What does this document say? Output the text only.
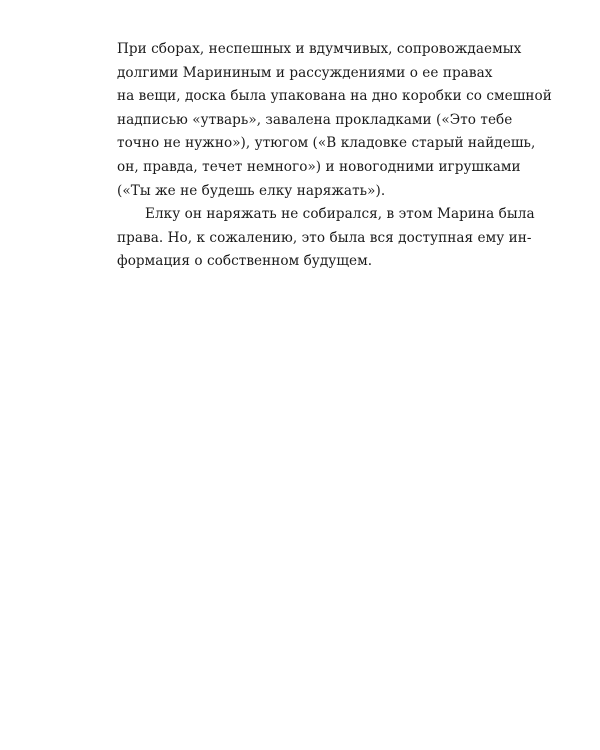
При сборах, неспешных и вдумчивых, сопровождаемых
долгими Марининым и рассуждениями о ее правах
на вещи, доска была упакована на дно коробки со смешной
надписью «утварь», завалена прокладками («Это тебе
точно не нужно»), утюгом («В кладовке старый найдешь,
он, правда, течет немного») и новогодними игрушками
(«Ты же не будешь елку наряжать»).

Елку он наряжать не собирался, в этом Марина была
права. Но, к сожалению, это была вся доступная ему ин-
формация о собственном будущем.
